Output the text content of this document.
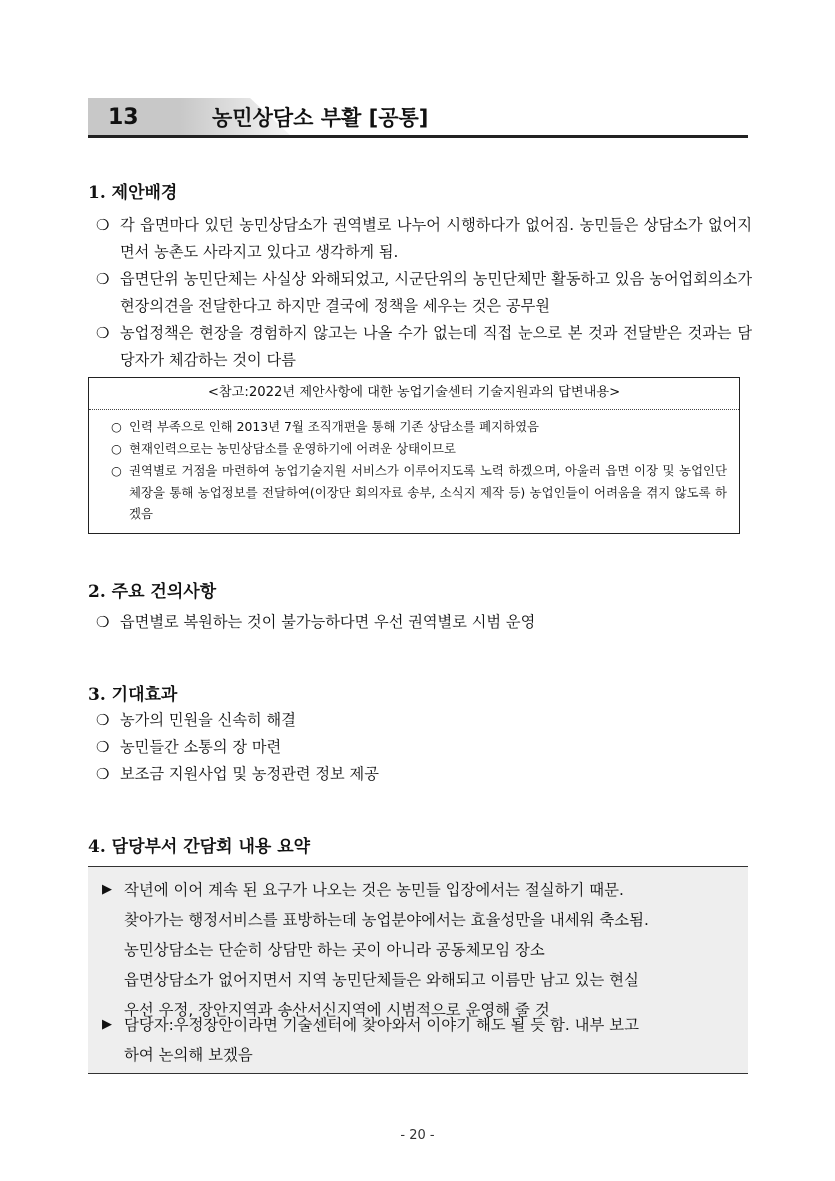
13	농민상담소 부활 [공통]
1. 제안배경
❍ 각 읍면마다 있던 농민상담소가 권역별로 나누어 시행하다가 없어짐. 농민들은 상담소가 없어지면서 농촌도 사라지고 있다고 생각하게 됨.
❍ 읍면단위 농민단체는 사실상 와해되었고, 시군단위의 농민단체만 활동하고 있음 농어업회의소가 현장의견을 전달한다고 하지만 결국에 정책을 세우는 것은 공무원
❍ 농업정책은 현장을 경험하지 않고는 나올 수가 없는데 직접 눈으로 본 것과 전달받은 것과는 담당자가 체감하는 것이 다름
<참고:2022년 제안사항에 대한 농업기술센터 기술지원과의 답변내용>
○ 인력 부족으로 인해 2013년 7월 조직개편을 통해 기존 상담소를 폐지하였음
○ 현재인력으로는 농민상담소를 운영하기에 어려운 상태이므로
○ 권역별로 거점을 마련하여 농업기술지원 서비스가 이루어지도록 노력 하겠으며, 아울러 읍면 이장 및 농업인단체장을 통해 농업정보를 전달하여(이장단 회의자료 송부, 소식지 제작 등) 농업인들이 어려움을 겪지 않도록 하겠음
2. 주요 건의사항
❍ 읍면별로 복원하는 것이 불가능하다면 우선 권역별로 시범 운영
3. 기대효과
❍ 농가의 민원을 신속히 해결
❍ 농민들간 소통의 장 마련
❍ 보조금 지원사업 및 농정관련 정보 제공
4. 담당부서 간담회 내용 요약
▶ 작년에 이어 계속 된 요구가 나오는 것은 농민들 입장에서는 절실하기 때문.
찾아가는 행정서비스를 표방하는데 농업분야에서는 효율성만을 내세워 축소됨.
농민상담소는 단순히 상담만 하는 곳이 아니라 공동체모임 장소
읍면상담소가 없어지면서 지역 농민단체들은 와해되고 이름만 남고 있는 현실
우선 우정, 장안지역과 송산서신지역에 시범적으로 운영해 줄 것
▶ 담당자:우정장안이라면 기술센터에 찾아와서 이야기 해도 될 듯 함. 내부 보고
하여 논의해 보겠음
- 20 -
